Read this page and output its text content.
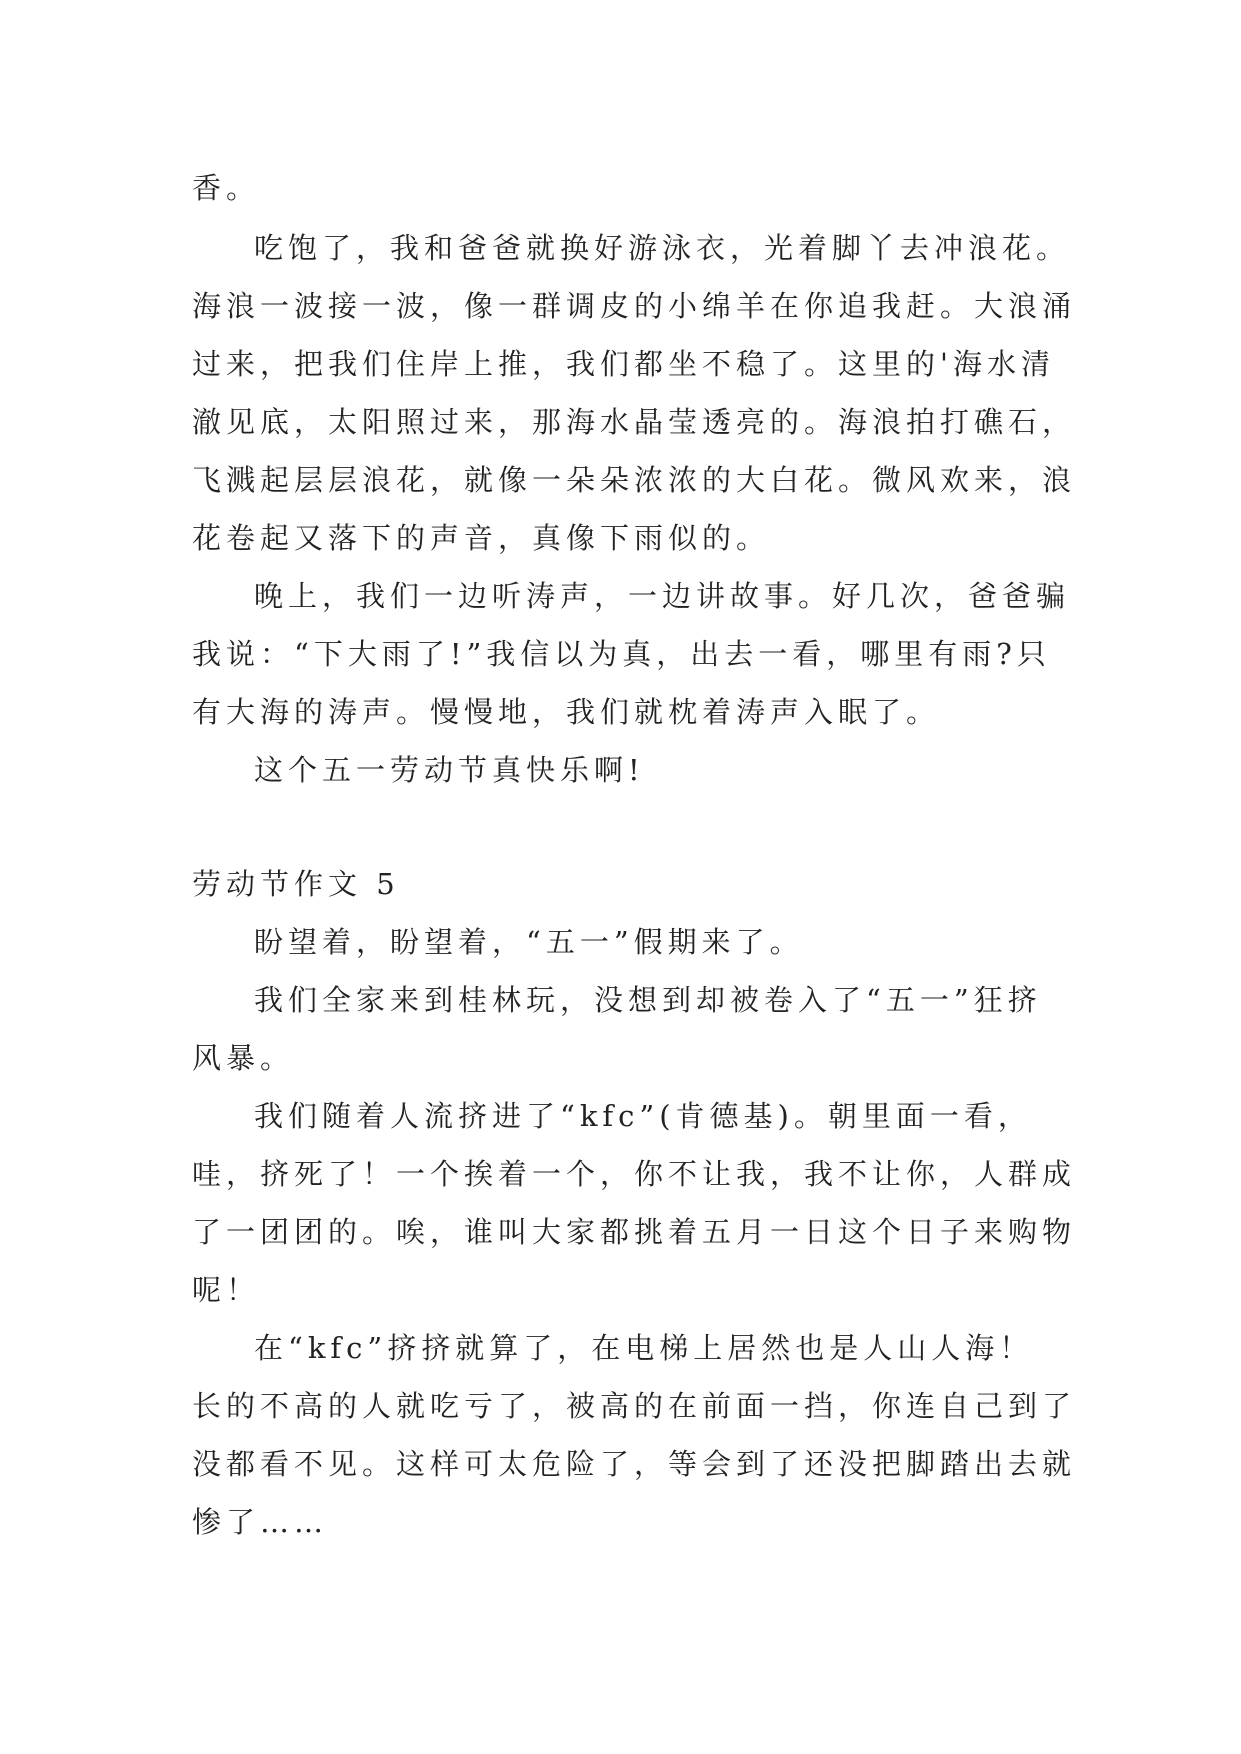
香。
吃饱了，我和爸爸就换好游泳衣，光着脚丫去冲浪花。
海浪一波接一波，像一群调皮的小绵羊在你追我赶。大浪涌
过来，把我们住岸上推，我们都坐不稳了。这里的'海水清
澈见底，太阳照过来，那海水晶莹透亮的。海浪拍打礁石，
飞溅起层层浪花，就像一朵朵浓浓的大白花。微风欢来，浪
花卷起又落下的声音，真像下雨似的。
晚上，我们一边听涛声，一边讲故事。好几次，爸爸骗
我说：“下大雨了!”我信以为真，出去一看，哪里有雨?只
有大海的涛声。慢慢地，我们就枕着涛声入眠了。
这个五一劳动节真快乐啊!
劳动节作文 5
盼望着，盼望着，“五一”假期来了。
我们全家来到桂林玩，没想到却被卷入了“五一”狂挤
风暴。
我们随着人流挤进了“kfc”(肯德基)。朝里面一看，
哇，挤死了！一个挨着一个，你不让我，我不让你，人群成
了一团团的。唉，谁叫大家都挑着五月一日这个日子来购物
呢！
在“kfc”挤挤就算了，在电梯上居然也是人山人海！
长的不高的人就吃亏了，被高的在前面一挡，你连自己到了
没都看不见。这样可太危险了，等会到了还没把脚踏出去就
惨了……
